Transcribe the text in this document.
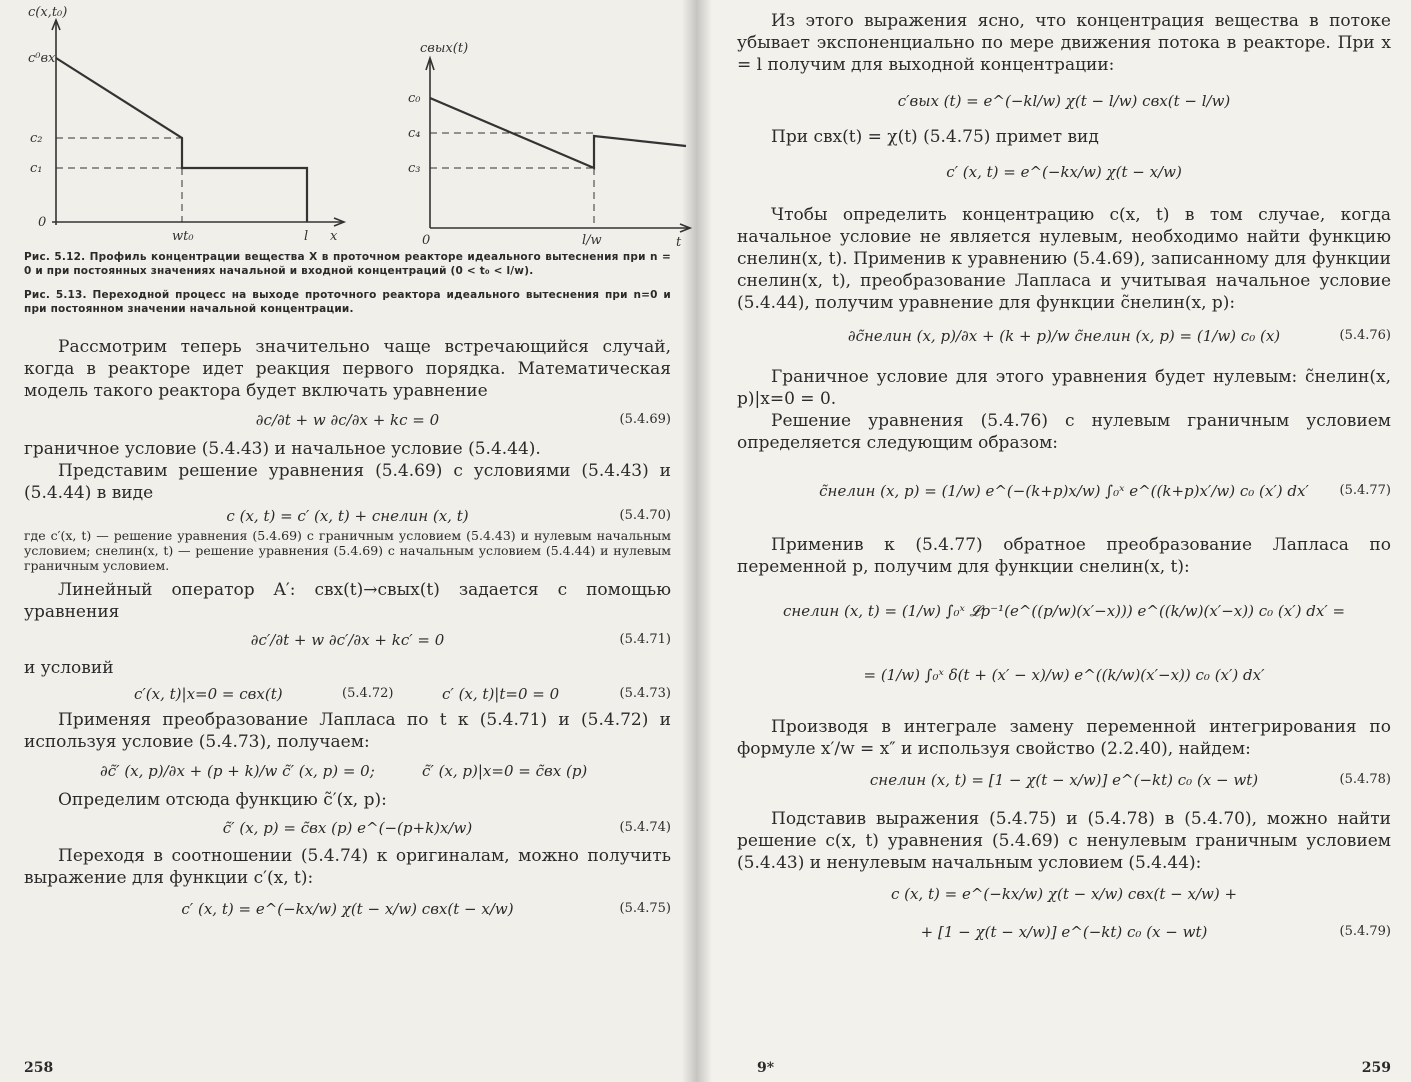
c(x,t₀)
c⁰вх
c₂
c₁
0
wt₀	l x
cвых(t)
c₀
c₄
c₃
0	l/w	t

Рис. 5.12. Профиль концентрации вещества X в проточном реакторе идеального вытеснения при n = 0 и при постоянных значениях начальной и входной концентраций (0 < t₀ < l/w).

Рис. 5.13. Переходной процесс на выходе проточного реактора идеального вытеснения при n=0 и при постоянном значении начальной концентрации.

Рассмотрим теперь значительно чаще встречающийся случай, когда в реакторе идет реакция первого порядка. Математическая модель такого реактора будет включать уравнение

∂c/∂t + w ∂c/∂x + kc = 0	(5.4.69)

граничное условие (5.4.43) и начальное условие (5.4.44).

Представим решение уравнения (5.4.69) с условиями (5.4.43) и (5.4.44) в виде

c (x, t) = c′ (x, t) + cнелин (x, t)	(5.4.70)

где c′(x, t) — решение уравнения (5.4.69) с граничным условием (5.4.43) и нулевым начальным условием; cнелин(x, t) — решение уравнения (5.4.69) с начальным условием (5.4.44) и нулевым граничным условием.

Линейный оператор A′: cвх(t)→cвых(t) задается с помощью уравнения

∂c′/∂t + w ∂c′/∂x + kc′ = 0	(5.4.71)

и условий

c′(x, t)|x=0 = cвх(t)	(5.4.72)	c′ (x, t)|t=0 = 0	(5.4.73)

Применяя преобразование Лапласа по t к (5.4.71) и (5.4.72) и используя условие (5.4.73), получаем:

∂c̃′ (x, p)/∂x + (p + k)/w c̃′ (x, p) = 0;	c̃′ (x, p)|x=0 = c̃вх (p)

Определим отсюда функцию c̃′(x, p):

c̃′ (x, p) = c̃вх (p) e^(−(p+k)x/w)	(5.4.74)

Переходя в соотношении (5.4.74) к оригиналам, можно получить выражение для функции c′(x, t):

c′ (x, t) = e^(−kx/w) χ(t − x/w) cвх(t − x/w)	(5.4.75)
258

Из этого выражения ясно, что концентрация вещества в потоке убывает экспоненциально по мере движения потока в реакторе. При x = l получим для выходной концентрации:

c′вых (t) = e^(−kl/w) χ(t − l/w) cвх(t − l/w)

При cвх(t) = χ(t) (5.4.75) примет вид

c′ (x, t) = e^(−kx/w) χ(t − x/w)

Чтобы определить концентрацию c(x, t) в том случае, когда начальное условие не является нулевым, необходимо найти функцию cнелин(x, t). Применив к уравнению (5.4.69), записанному для функции cнелин(x, t), преобразование Лапласа и учитывая начальное условие (5.4.44), получим уравнение для функции c̃нелин(x, p):

∂c̃нелин (x, p)/∂x + (k + p)/w c̃нелин (x, p) = (1/w) c₀ (x)	(5.4.76)

Граничное условие для этого уравнения будет нулевым: c̃нелин(x, p)|x=0 = 0.

Решение уравнения (5.4.76) с нулевым граничным условием определяется следующим образом:

c̃нелин (x, p) = (1/w) e^(−(k+p)x/w) ∫₀ˣ e^((k+p)x′/w) c₀ (x′) dx′ (5.4.77)

Применив к (5.4.77) обратное преобразование Лапласа по переменной p, получим для функции cнелин(x, t):

cнелин (x, t) = (1/w) ∫₀ˣ 𝓛p⁻¹(e^((p/w)(x′−x))) e^((k/w)(x′−x)) c₀ (x′) dx′ =
= (1/w) ∫₀ˣ δ(t + (x′ − x)/w) e^((k/w)(x′−x)) c₀ (x′) dx′

Производя в интеграле замену переменной интегрирования по формуле x′/w = x″ и используя свойство (2.2.40), найдем:

cнелин (x, t) = [1 − χ(t − x/w)] e^(−kt) c₀ (x − wt)	(5.4.78)

Подставив выражения (5.4.75) и (5.4.78) в (5.4.70), можно найти решение c(x, t) уравнения (5.4.69) с ненулевым граничным условием (5.4.43) и ненулевым начальным условием (5.4.44):

c (x, t) = e^(−kx/w) χ(t − x/w) cвх(t − x/w) +
+ [1 − χ(t − x/w)] e^(−kt) c₀ (x − wt)	(5.4.79)
9*	259
